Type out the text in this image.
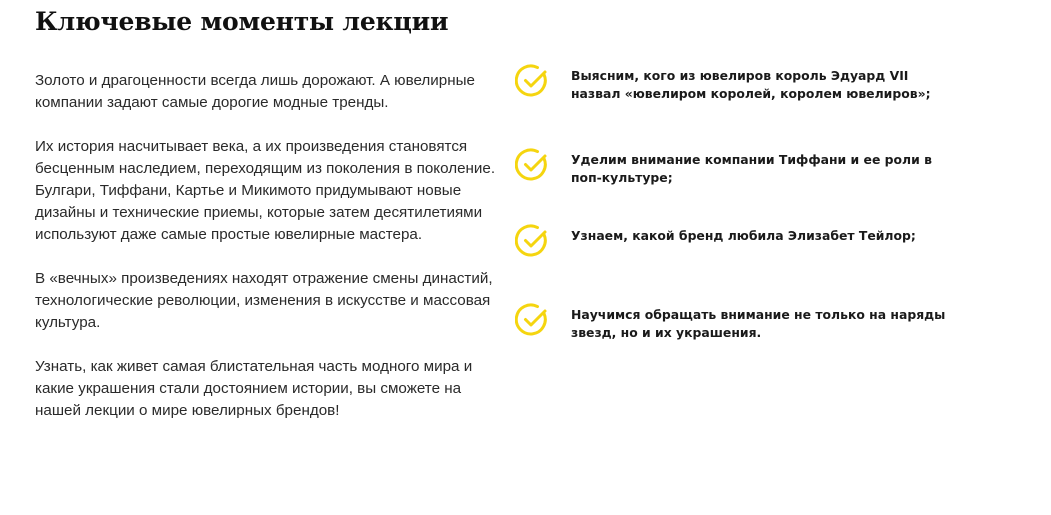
Ключевые моменты лекции

Золото и драгоценности всегда лишь дорожают. А ювелирные компании задают самые дорогие модные тренды.

Их история насчитывает века, а их произведения становятся бесценным наследием, переходящим из поколения в поколение. Булгари, Тиффани, Картье и Микимото придумывают новые дизайны и технические приемы, которые затем десятилетиями используют даже самые простые ювелирные мастера.

В «вечных» произведениях находят отражение смены династий, технологические революции, изменения в искусстве и массовая культура.

Узнать, как живет самая блистательная часть модного мира и какие украшения стали достоянием истории, вы сможете на нашей лекции о мире ювелирных брендов!

Выясним, кого из ювелиров король Эдуард VII назвал «ювелиром королей, королем ювелиров»;
Уделим внимание компании Тиффани и ее роли в поп-культуре;
Узнаем, какой бренд любила Элизабет Тейлор;
Научимся обращать внимание не только на наряды звезд, но и их украшения.
